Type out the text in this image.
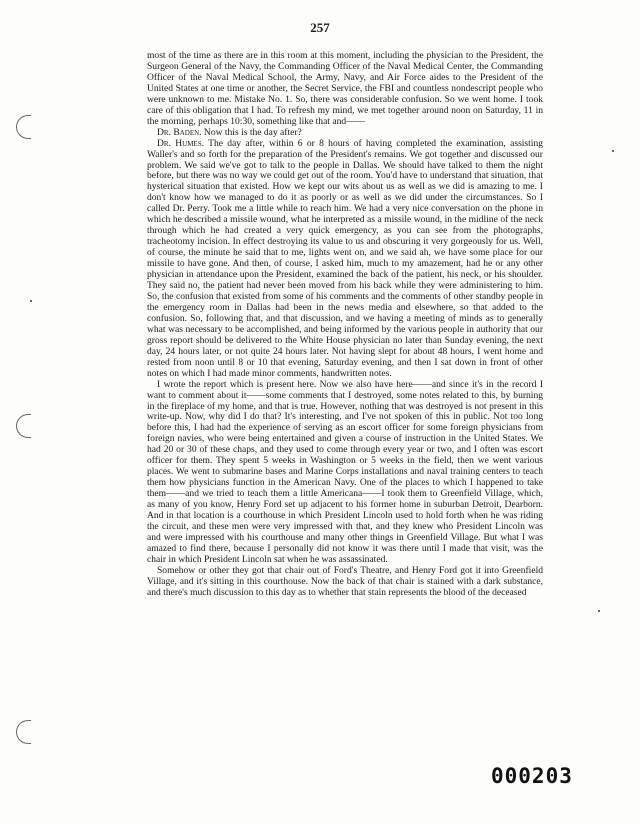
257

most of the time as there are in this room at this moment, including the physician to the President, the Surgeon General of the Navy, the Commanding Officer of the Naval Medical Center, the Commanding Officer of the Naval Medical School, the Army, Navy, and Air Force aides to the President of the United States at one time or another, the Secret Service, the FBI and countless nondescript people who were unknown to me. Mistake No. 1. So, there was considerable confusion. So we went home. I took care of this obligation that I had. To refresh my mind, we met together around noon on Saturday, 11 in the morning, perhaps 10:30, something like that and——

Dr. Baden. Now this is the day after?

Dr. Humes. The day after, within 6 or 8 hours of having completed the examination, assisting Waller's and so forth for the preparation of the President's remains. We got together and discussed our problem. We said we've got to talk to the people in Dallas. We should have talked to them the night before, but there was no way we could get out of the room. You'd have to understand that situation, that hysterical situation that existed. How we kept our wits about us as well as we did is amazing to me. I don't know how we managed to do it as poorly or as well as we did under the circumstances. So I called Dr. Perry. Took me a little while to reach him. We had a very nice conversation on the phone in which he described a missile wound, what he interpreted as a missile wound, in the midline of the neck through which he had created a very quick emergency, as you can see from the photographs, tracheotomy incision. In effect destroying its value to us and obscuring it very gorgeously for us. Well, of course, the minute he said that to me, lights went on, and we said ah, we have some place for our missile to have gone. And then, of course, I asked him, much to my amazement, had he or any other physician in attendance upon the President, examined the back of the patient, his neck, or his shoulder. They said no, the patient had never been moved from his back while they were administering to him. So, the confusion that existed from some of his comments and the comments of other standby people in the emergency room in Dallas had been in the news media and elsewhere, so that added to the confusion. So, following that, and that discussion, and we having a meeting of minds as to generally what was necessary to be accomplished, and being informed by the various people in authority that our gross report should be delivered to the White House physician no later than Sunday evening, the next day, 24 hours later, or not quite 24 hours later. Not having slept for about 48 hours, I went home and rested from noon until 8 or 10 that evening, Saturday evening, and then I sat down in front of other notes on which I had made minor comments, handwritten notes.

I wrote the report which is present here. Now we also have here——and since it's in the record I want to comment about it——some comments that I destroyed, some notes related to this, by burning in the fireplace of my home, and that is true. However, nothing that was destroyed is not present in this write-up. Now, why did I do that? It's interesting, and I've not spoken of this in public. Not too long before this, I had had the experience of serving as an escort officer for some foreign physicians from foreign navies, who were being entertained and given a course of instruction in the United States. We had 20 or 30 of these chaps, and they used to come through every year or two, and I often was escort officer for them. They spent 5 weeks in Washington or 5 weeks in the field, then we went various places. We went to submarine bases and Marine Corps installations and naval training centers to teach them how physicians function in the American Navy. One of the places to which I happened to take them——and we tried to teach them a little Americana——I took them to Greenfield Village, which, as many of you know, Henry Ford set up adjacent to his former home in suburban Detroit, Dearborn. And in that location is a courthouse in which President Lincoln used to hold forth when he was riding the circuit, and these men were very impressed with that, and they knew who President Lincoln was and were impressed with his courthouse and many other things in Greenfield Village. But what I was amazed to find there, because I personally did not know it was there until I made that visit, was the chair in which President Lincoln sat when he was assassinated.

Somehow or other they got that chair out of Ford's Theatre, and Henry Ford got it into Greenfield Village, and it's sitting in this courthouse. Now the back of that chair is stained with a dark substance, and there's much discussion to this day as to whether that stain represents the blood of the deceased

000203
